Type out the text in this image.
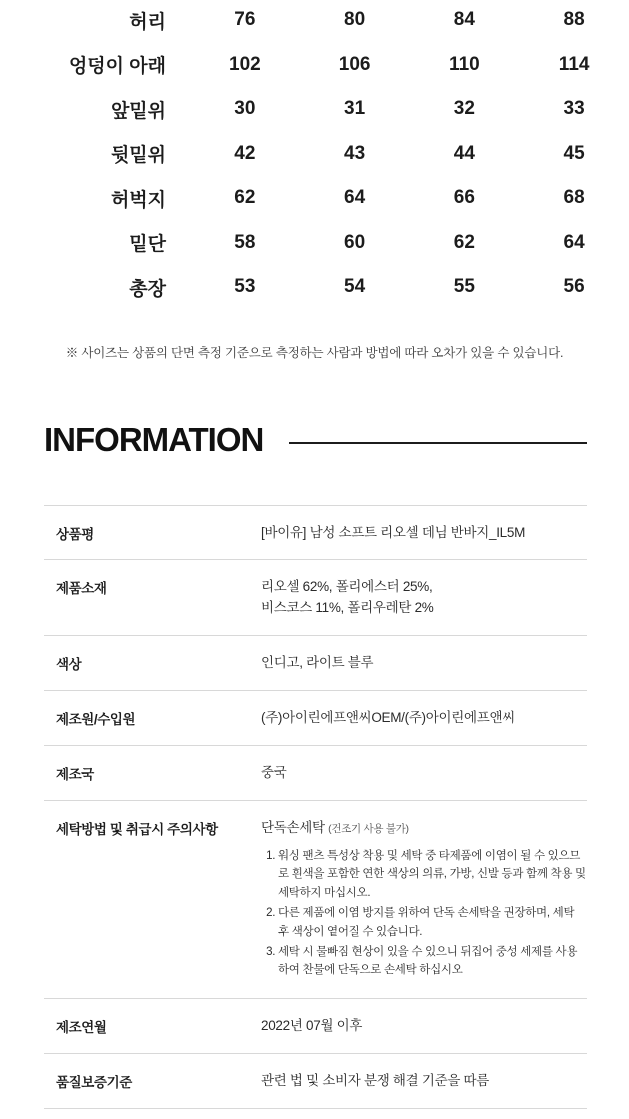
허리	76	80	84	88
엉덩이 아래	102	106	110	114
앞밑위	30	31	32	33
뒷밑위	42	43	44	45
허벅지	62	64	66	68
밑단	58	60	62	64
총장	53	54	55	56
※ 사이즈는 상품의 단면 측정 기준으로 측정하는 사람과 방법에 따라 오차가 있을 수 있습니다.
INFORMATION
상품평	[바이유] 남성 소프트 리오셀 데님 반바지_IL5M
제품소재	리오셀 62%, 폴리에스터 25%,
비스코스 11%, 폴리우레탄 2%

색상	인디고, 라이트 블루
제조원/수입원	(주)아이린에프앤씨OEM/(주)아이린에프앤씨
제조국	중국
세탁방법 및 취급시 주의사항	단독손세탁 (건조기 사용 불가)
1. 워싱 팬츠 특성상 착용 및 세탁 중 타제품에 이염이 될 수 있으므로 흰색을 포함한 연한 색상의 의류, 가방, 신발 등과 함께 착용 및 세탁하지 마십시오.
2. 다른 제품에 이염 방지를 위하여 단독 손세탁을 권장하며, 세탁 후 색상이 옅어질 수 있습니다.
3. 세탁 시 물빠짐 현상이 있을 수 있으니 뒤집어 중성 세제를 사용하여 찬물에 단독으로 손세탁 하십시오

제조연월	2022년 07월 이후
품질보증기준	관련 법 및 소비자 분쟁 해결 기준을 따름
